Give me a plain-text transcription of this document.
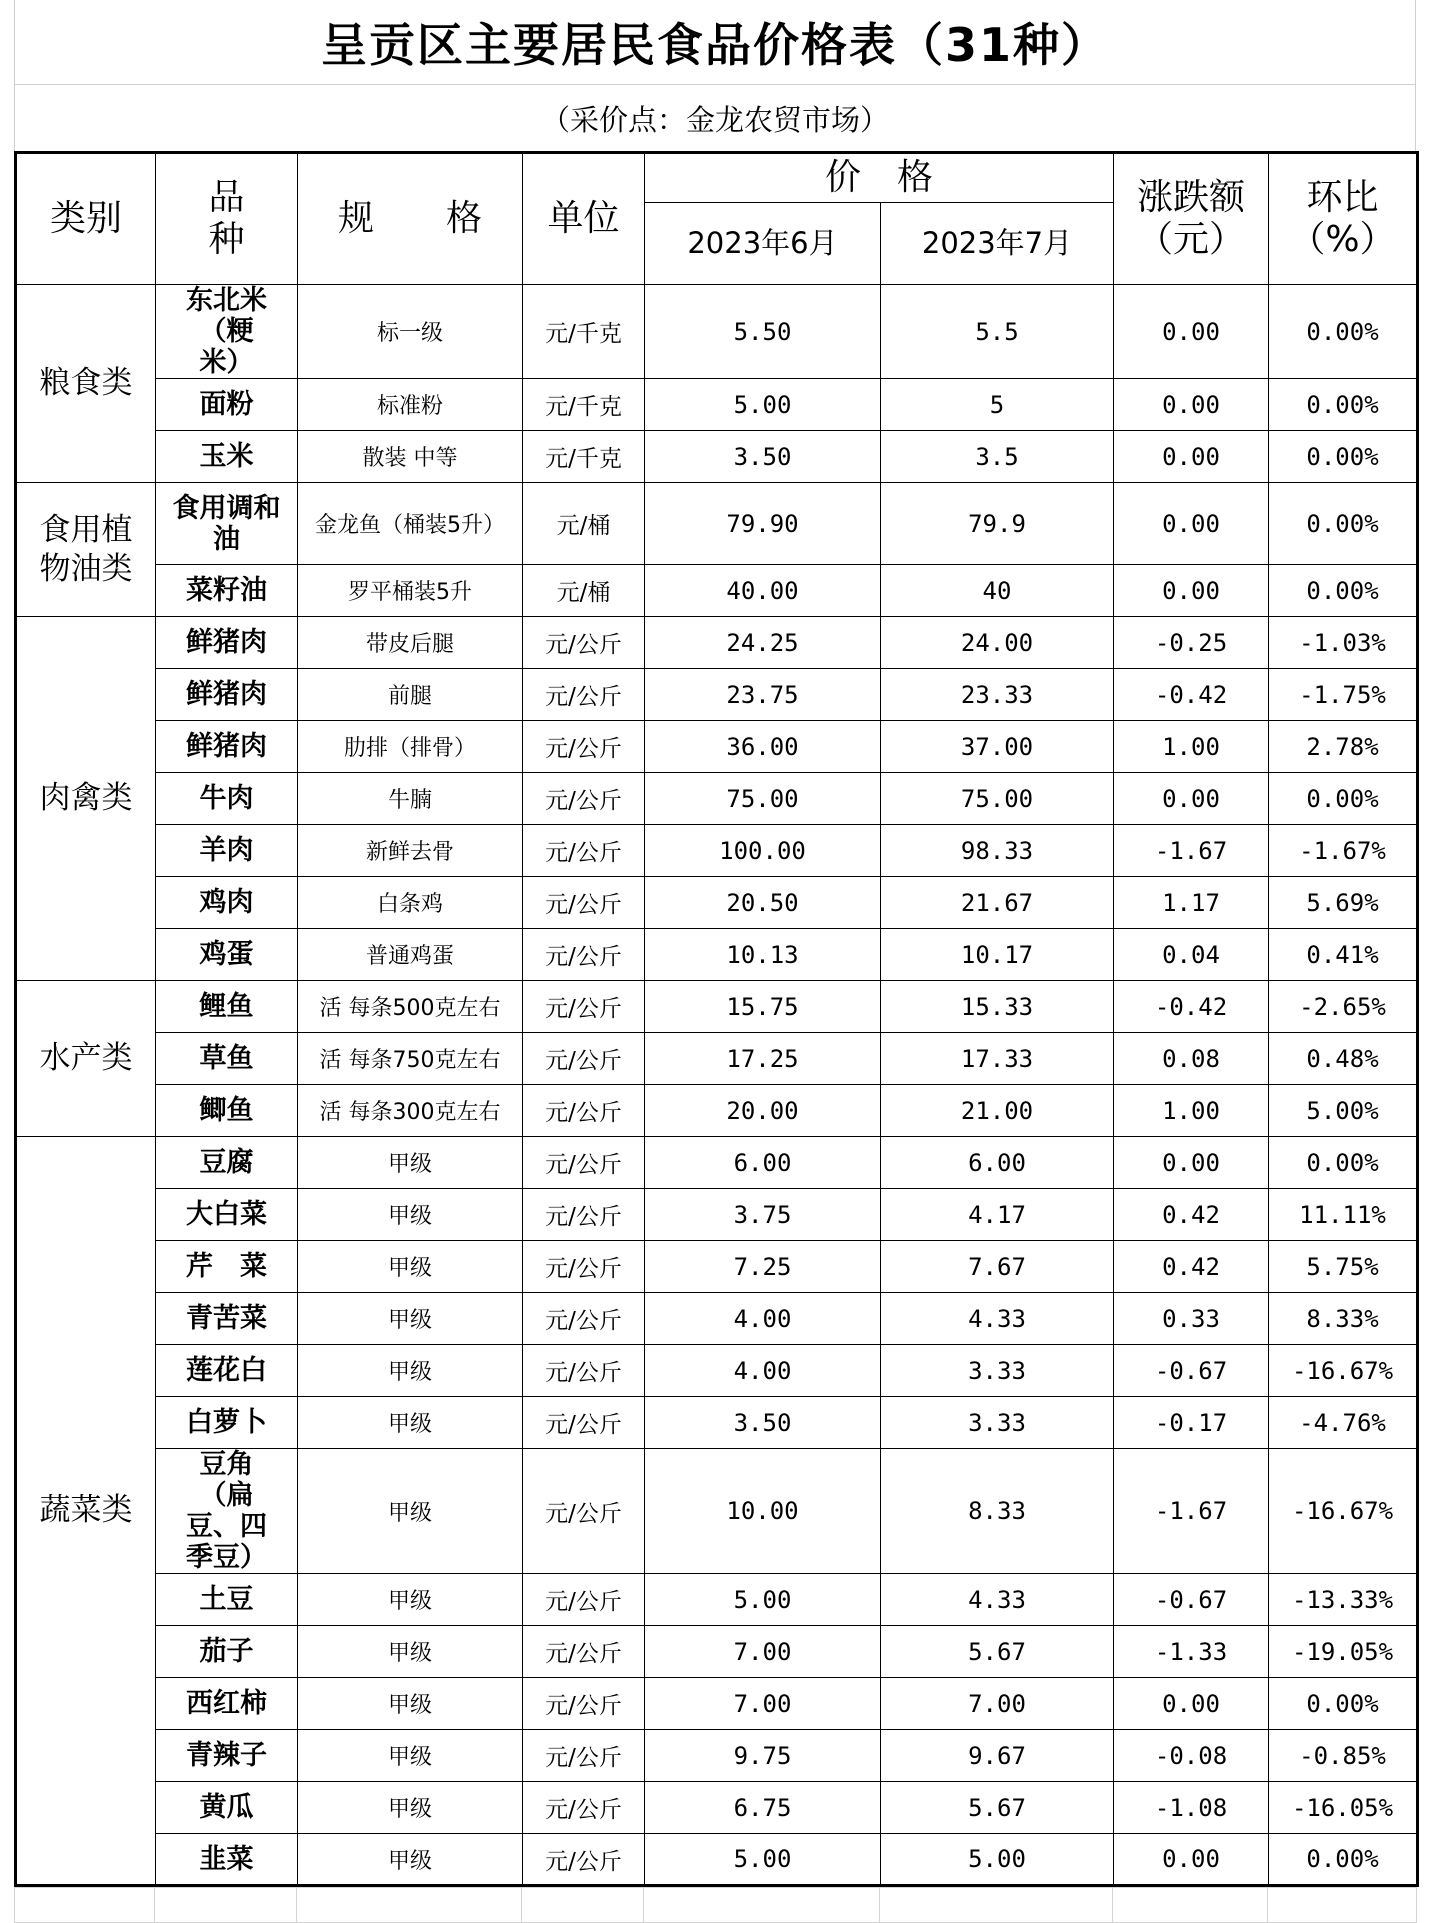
呈贡区主要居民食品价格表（31种）
（采价点：金龙农贸市场）
类别	品种	规　　格	单位	价　格		涨跌额（元）	环比（%）

				2023年6月	2023年7月		

粮食类	东北米（粳米）	标一级	元/千克	5.50	5.5	0.00	0.00%

	面粉	标准粉	元/千克	5.00	5	0.00	0.00%

	玉米	散装 中等	元/千克	3.50	3.5	0.00	0.00%

食用植物油类	食用调和油	金龙鱼（桶装5升）	元/桶	79.90	79.9	0.00	0.00%

	菜籽油	罗平桶装5升	元/桶	40.00	40	0.00	0.00%

肉禽类	鲜猪肉	带皮后腿	元/公斤	24.25	24.00	-0.25	-1.03%

	鲜猪肉	前腿	元/公斤	23.75	23.33	-0.42	-1.75%

	鲜猪肉	肋排（排骨）	元/公斤	36.00	37.00	1.00	2.78%

	牛肉	牛腩	元/公斤	75.00	75.00	0.00	0.00%

	羊肉	新鲜去骨	元/公斤	100.00	98.33	-1.67	-1.67%

	鸡肉	白条鸡	元/公斤	20.50	21.67	1.17	5.69%

	鸡蛋	普通鸡蛋	元/公斤	10.13	10.17	0.04	0.41%

水产类	鲤鱼	活 每条500克左右	元/公斤	15.75	15.33	-0.42	-2.65%

	草鱼	活 每条750克左右	元/公斤	17.25	17.33	0.08	0.48%

	鲫鱼	活 每条300克左右	元/公斤	20.00	21.00	1.00	5.00%

蔬菜类	豆腐	甲级	元/公斤	6.00	6.00	0.00	0.00%

	大白菜	甲级	元/公斤	3.75	4.17	0.42	11.11%

	芹　菜	甲级	元/公斤	7.25	7.67	0.42	5.75%

	青苦菜	甲级	元/公斤	4.00	4.33	0.33	8.33%

	莲花白	甲级	元/公斤	4.00	3.33	-0.67	-16.67%

	白萝卜	甲级	元/公斤	3.50	3.33	-0.17	-4.76%

	豆角（扁豆、四季豆）	甲级	元/公斤	10.00	8.33	-1.67	-16.67%

	土豆	甲级	元/公斤	5.00	4.33	-0.67	-13.33%

	茄子	甲级	元/公斤	7.00	5.67	-1.33	-19.05%

	西红柿	甲级	元/公斤	7.00	7.00	0.00	0.00%

	青辣子	甲级	元/公斤	9.75	9.67	-0.08	-0.85%

	黄瓜	甲级	元/公斤	6.75	5.67	-1.08	-16.05%

	韭菜	甲级	元/公斤	5.00	5.00	0.00	0.00%
